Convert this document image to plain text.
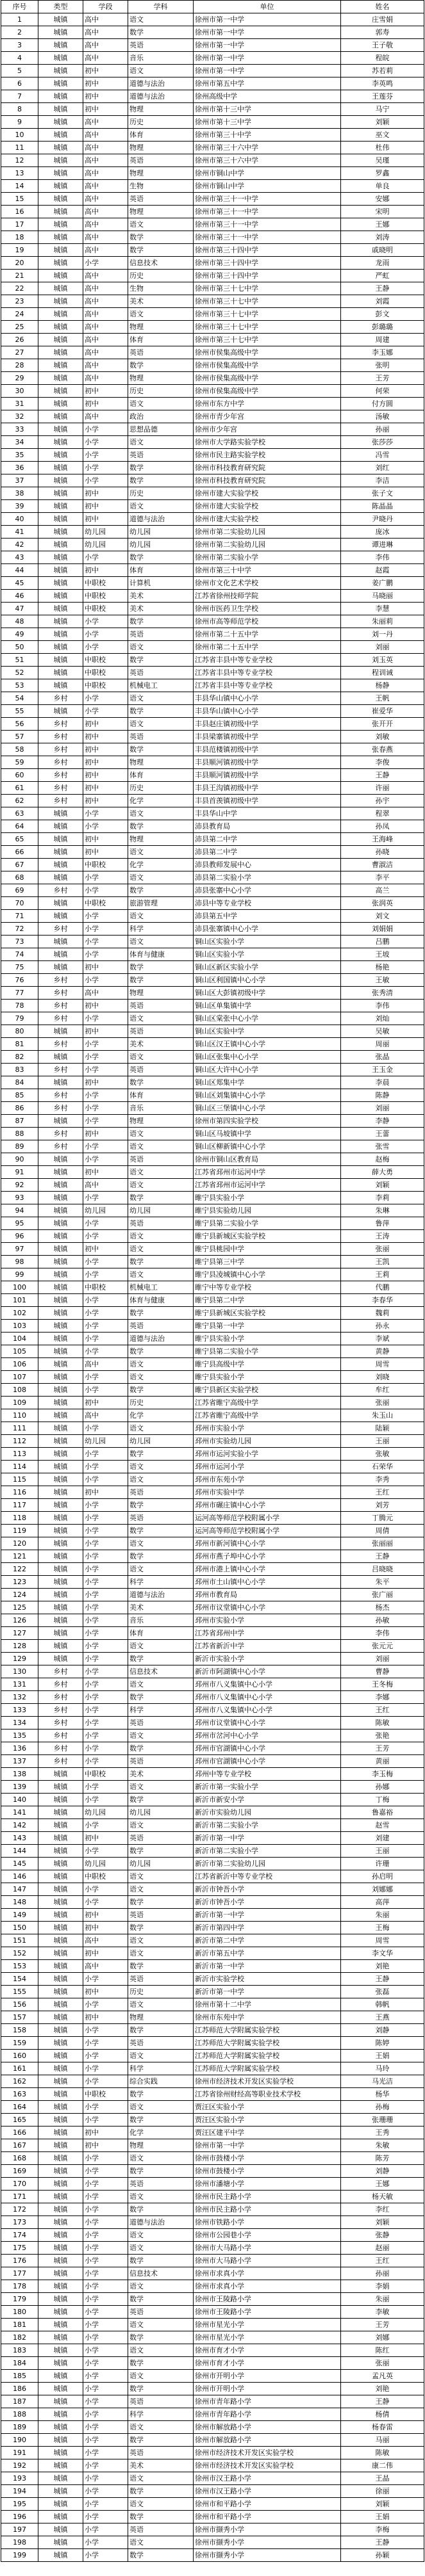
序号	类型	学段	学科	单位	姓名
1	城镇	高中	语文	徐州市第一中学	庄雪娟
2	城镇	高中	数学	徐州市第一中学	郭寿
3	城镇	高中	英语	徐州市第一中学	王子敬
4	城镇	高中	音乐	徐州市第一中学	程皖
5	城镇	初中	语文	徐州市第一中学	苏若莉
6	城镇	初中	道德与法治	徐州市第五中学	李英鸣
7	城镇	初中	道德与法治	徐州高级中学	王莲芬
8	城镇	初中	物理	徐州市第十三中学	马宁
9	城镇	高中	历史	徐州市第十三中学	刘颖
10	城镇	高中	体育	徐州市第三十中学	巫文
11	城镇	高中	物理	徐州市第三十六中学	杜伟
12	城镇	高中	英语	徐州市第三十六中学	吴瑾
13	城镇	高中	物理	徐州市铜山中学	罗鑫
14	城镇	高中	生物	徐州市铜山中学	单良
15	城镇	高中	英语	徐州市第三十一中学	安娜
16	城镇	高中	物理	徐州市第三十一中学	宋明
17	城镇	高中	语文	徐州市第三十一中学	王娜
18	城镇	高中	数学	徐州市第三十一中学	刘涛
19	城镇	高中	数学	徐州市第三十四中学	戚晓明
20	城镇	小学	信息技术	徐州市第三十四中学	龙雨
21	城镇	高中	历史	徐州市第三十四中学	严虹
22	城镇	高中	生物	徐州市第三十七中学	王静
23	城镇	高中	美术	徐州市第三十七中学	刘霞
24	城镇	高中	语文	徐州市第三十七中学	彭文
25	城镇	高中	物理	徐州市第三十七中学	彭璐璐
26	城镇	高中	体育	徐州市第三十七中学	周建
27	城镇	高中	英语	徐州市侯集高级中学	李玉娜
28	城镇	高中	数学	徐州市侯集高级中学	张明
29	城镇	高中	物理	徐州市侯集高级中学	王芳
30	城镇	初中	历史	徐州市侯集高级中学	何荣
31	城镇	初中	语文	徐州市东方中学	付方圆
32	城镇	高中	政治	徐州市青少年宫	汤敏
33	城镇	小学	思想品德	徐州市少年宫	孙丽
34	城镇	小学	语文	徐州市大学路实验学校	张莎莎
35	城镇	小学	英语	徐州市民主路实验学校	冯雪
36	城镇	小学	数学	徐州市科技教育研究院	刘红
37	城镇	小学	数学	徐州市科技教育研究院	李洁
38	城镇	初中	历史	徐州市建大实验学校	张子文
39	城镇	初中	语文	徐州市建大实验学校	陈晶晶
40	城镇	初中	道德与法治	徐州市建大实验学校	尹晓丹
41	城镇	幼儿园	幼儿园	徐州市第二实验幼儿园	庞冰
42	城镇	幼儿园	幼儿园	徐州市第二实验幼儿园	谭进琳
43	城镇	小学	数学	徐州市第二实验小学	李伟
44	城镇	初中	体育	徐州市第三十中学	赵霞
45	城镇	中职校	计算机	徐州市文化艺术学校	姜广鹏
46	城镇	中职校	美术	江苏省徐州技师学院	马晓丽
47	城镇	中职校	美术	徐州市医药卫生学校	李慧
48	城镇	小学	数学	徐州市高等师范学校	朱丽莉
49	城镇	小学	英语	徐州市第二十五中学	刘一丹
50	城镇	小学	语文	徐州市第二十五中学	刘丽
51	城镇	中职校	数学	江苏省丰县中等专业学校	刘玉英
52	城镇	中职校	英语	江苏省丰县中等专业学校	程训诫
53	城镇	中职校	机械电工	江苏省丰县中等专业学校	杨静
54	乡村	小学	语文	丰县华山镇中心小学	王帆
55	城镇	小学	数学	丰县华山镇中心小学	崔爱华
56	乡村	初中	语文	丰县赵庄镇初级中学	张开开
57	乡村	初中	英语	丰县梁寨镇初级中学	刘敏
58	乡村	初中	数学	丰县范楼镇初级中学	张春燕
59	乡村	初中	物理	丰县顺河镇初级中学	李俊
60	乡村	初中	体育	丰县顺河镇初级中学	王静
61	乡村	初中	历史	丰县王沟镇初级中学	许丽
62	乡村	初中	化学	丰县首羡镇初级中学	孙宇
63	城镇	小学	语文	丰县华山中学	程翠
64	城镇	小学	数学	沛县教育局	孙凤
65	城镇	初中	物理	沛县第二中学	王海峰
66	城镇	初中	语文	沛县第二中学	孙晓
67	城镇	中职校	化学	沛县教师发展中心	曹淑洁
68	城镇	小学	语文	沛县第二实验小学	李平
69	乡村	小学	数学	沛县张寨中心小学	高兰
70	城镇	中职校	旅游管理	沛县中等专业学校	张润英
71	城镇	小学	语文	沛县第五中学	刘文
72	乡村	小学	科学	沛县张寨镇中心小学	刘娟娟
73	城镇	小学	语文	铜山区实验小学	吕鹏
74	城镇	小学	体育与健康	铜山区实验小学	王坡
75	城镇	初中	数学	铜山区新区实验小学	杨艳
76	乡村	小学	数学	铜山区利国镇中心小学	王敏
77	乡村	高中	物理	铜山区大彭镇初级中学	张秀清
78	乡村	初中	英语	铜山区单集镇中学	李伟
79	乡村	小学	语文	铜山区棠张中心小学	刘灿
80	城镇	初中	英语	铜山区实验中学	吴敏
81	乡村	小学	美术	铜山区汉王镇中心小学	周丽
82	城镇	小学	语文	铜山区张集中心小学	张晶
83	乡村	小学	英语	铜山区大许中心小学	王玉金
84	城镇	初中	数学	铜山区郑集中学	李晨
85	乡村	小学	体育	铜山区刘集镇中心小学	陈静
86	乡村	小学	音乐	铜山区三堡镇中心小学	刘丽
87	城镇	小学	物理	徐州市第四实验学校	李静
88	乡村	初中	语文	铜山区马坡镇中学	王蕾
89	乡村	小学	语文	铜山区柳新镇中心小学	张雪
90	城镇	小学	英语	徐州市铜山区教育局	赵梅
91	城镇	初中	语文	江苏省邳州市运河中学	薛大勇
92	城镇	高中	语文	江苏省邳州市运河中学	刘颖
93	城镇	小学	数学	睢宁县实验小学	李莉
94	城镇	幼儿园	幼儿园	睢宁县实验幼儿园	朱琳
95	城镇	小学	英语	睢宁县第二实验小学	鲁萍
96	城镇	小学	语文	睢宁县新城区实验学校	王涛
97	城镇	初中	语文	睢宁县桃园中学	张丽
98	城镇	小学	数学	睢宁县第三中学	王凯
99	城镇	小学	语文	睢宁县凌城镇中心小学	王莉
100	城镇	中职校	机械电工	睢宁中等专业学校	代鹏
101	城镇	小学	体育与健康	睢宁县第二中学	李春华
102	城镇	小学	数学	睢宁县新城区实验学校	魏莉
103	城镇	小学	英语	睢宁县第一中学	孙永
104	城镇	小学	道德与法治	睢宁县实验小学	李斌
105	城镇	小学	数学	睢宁县第二实验小学	黄静
106	城镇	高中	语文	睢宁县高级中学	周雪
107	城镇	小学	语文	睢宁县实验小学	刘晓
108	城镇	小学	数学	睢宁县新区实验学校	牟红
109	城镇	初中	历史	江苏省睢宁高级中学	张丽
110	城镇	高中	化学	江苏省睢宁高级中学	朱玉山
111	城镇	小学	语文	邳州市实验小学	陆颖
112	城镇	幼儿园	幼儿园	邳州市实验幼儿园	王丽
113	城镇	小学	数学	邳州市运河实验小学	张敏
114	城镇	小学	语文	邳州市运河小学	石荣华
115	城镇	小学	语文	邳州市东苑小学	李秀
116	城镇	初中	英语	邳州市实验中学	王红
117	城镇	小学	数学	邳州市碾庄镇中心小学	刘芳
118	城镇	小学	英语	运河高等师范学校附属小学	丁腾元
119	城镇	小学	数学	运河高等师范学校附属小学	周倩
120	城镇	小学	语文	邳州市新河镇中心小学	张丽丽
121	城镇	小学	数学	邳州市燕子埠中心小学	王静
122	城镇	小学	语文	邳州市港上镇中心小学	吕晓晓
123	城镇	小学	科学	邳州市土山镇中心小学	朱平
124	城镇	小学	道德与法治	邳州市教育局	张广丽
125	城镇	小学	美术	邳州市议堂镇中心小学	杨杰
126	城镇	小学	音乐	邳州市实验小学	孙敏
127	城镇	小学	体育	江苏省邳州中学	李伟
128	城镇	小学	语文	江苏省新沂中学	张元元
129	城镇	小学	数学	新沂市实验小学	刘丽
130	乡村	小学	信息技术	新沂市阿湖镇中心小学	曹静
131	乡村	小学	语文	邳州市八义集镇中心小学	王冬梅
132	乡村	小学	数学	邳州市八义集镇中心小学	李娜
133	乡村	小学	科学	邳州市八义集镇中心小学	王红
134	乡村	小学	英语	邳州市议堂镇中心小学	陈敏
135	乡村	小学	语文	邳州市岔河中心小学	张艳
136	乡村	小学	数学	邳州市官湖镇中心小学	王芳
137	乡村	小学	英语	邳州市官湖镇中心小学	黄丽
138	城镇	中职校	美术	邳州中等专业学校	李玉梅
139	城镇	小学	语文	新沂市第一实验小学	孙娜
140	城镇	小学	数学	新沂市新安小学	丁梅
141	城镇	幼儿园	幼儿园	新沂市实验幼儿园	鲁嘉裕
142	城镇	小学	语文	新沂市第二实验小学	赵雪
143	城镇	初中	英语	新沂市第一中学	刘建
144	城镇	小学	数学	新沂市第二实验小学	王丽
145	城镇	幼儿园	幼儿园	新沂市第二实验幼儿园	许珊
146	城镇	中职校	语文	江苏省新沂中等专业学校	孙启明
147	城镇	小学	语文	新沂市钟吾小学	刘娜娜
148	城镇	小学	数学	新沂市钟吾小学	高萍
149	城镇	初中	英语	新沂市第一中学	朱丽
150	城镇	初中	数学	新沂市第四中学	王梅
151	城镇	高中	语文	新沂市第二中学	周雪
152	城镇	初中	语文	新沂市第五中学	李文华
153	城镇	高中	数学	新沂市第一中学	刘艳
154	城镇	小学	英语	新沂市实验学校	王静
155	城镇	初中	历史	新沂市第一中学	张磊
156	城镇	小学	语文	徐州市第十二中学	韩帆
157	城镇	初中	物理	徐州市东苑中学	王燕
158	城镇	小学	数学	江苏师范大学附属实验学校	刘静
159	城镇	小学	英语	江苏师范大学附属实验学校	陈婷
160	城镇	小学	语文	江苏师范大学附属实验学校	王娟
161	城镇	小学	科学	江苏师范大学附属实验学校	马玲
162	城镇	小学	综合实践	徐州市经济技术开发区实验学校	马光洁
163	城镇	中职校	数学	江苏省徐州财经高等职业技术学校	杨华
164	城镇	小学	语文	贾汪区实验小学	孙梅
165	城镇	小学	数学	贾汪区实验小学	张珊珊
166	城镇	初中	化学	贾汪区建平中学	王秀
167	城镇	初中	物理	徐州市第一中学	朱敏
168	城镇	小学	语文	徐州市鼓楼小学	陈芳
169	城镇	小学	数学	徐州市鼓楼小学	刘静
170	城镇	小学	英语	徐州市潘塘小学	王娜
171	城镇	小学	语文	徐州市民主路小学	杨天敏
172	城镇	小学	数学	徐州市民主路小学	李红
173	城镇	小学	道德与法治	徐州市铁路小学	刘颖
174	城镇	小学	语文	徐州市公园巷小学	张静
175	城镇	小学	语文	徐州市大马路小学	赵丽
176	城镇	小学	数学	徐州市大马路小学	王红
177	城镇	小学	信息技术	徐州市求真小学	孙丽
178	城镇	小学	语文	徐州市求真小学	李娟
179	城镇	小学	数学	徐州市王陵路小学	朱丽
180	城镇	小学	英语	徐州市王陵路小学	李敏
181	城镇	小学	语文	徐州市星光小学	王芳
182	城镇	小学	数学	徐州市星光小学	刘娜
183	城镇	小学	语文	徐州市育才小学	陈红
184	城镇	小学	数学	徐州市育才小学	张丽
185	城镇	小学	语文	徐州市开明小学	孟凡英
186	城镇	小学	数学	徐州市开明小学	刘艳
187	城镇	小学	英语	徐州市青年路小学	王静
188	城镇	小学	科学	徐州市青年路小学	杨倩
189	城镇	小学	语文	徐州市解放路小学	杨春雷
190	城镇	小学	数学	徐州市解放路小学	马丽
191	城镇	小学	英语	徐州市经济技术开发区实验学校	陈敏
192	城镇	小学	美术	徐州市经济技术开发区实验学校	康二伟
193	城镇	小学	语文	徐州市汉王路小学	王晶
194	城镇	小学	数学	徐州市汉王路小学	徐丽
195	城镇	小学	语文	徐州市和平路小学	刘颖
196	城镇	小学	数学	徐州市和平路小学	王娟
197	城镇	小学	英语	徐州市撷秀小学	李梅
198	城镇	小学	语文	徐州市撷秀小学	王静
199	城镇	小学	数学	徐州市撷秀小学	孙颖
